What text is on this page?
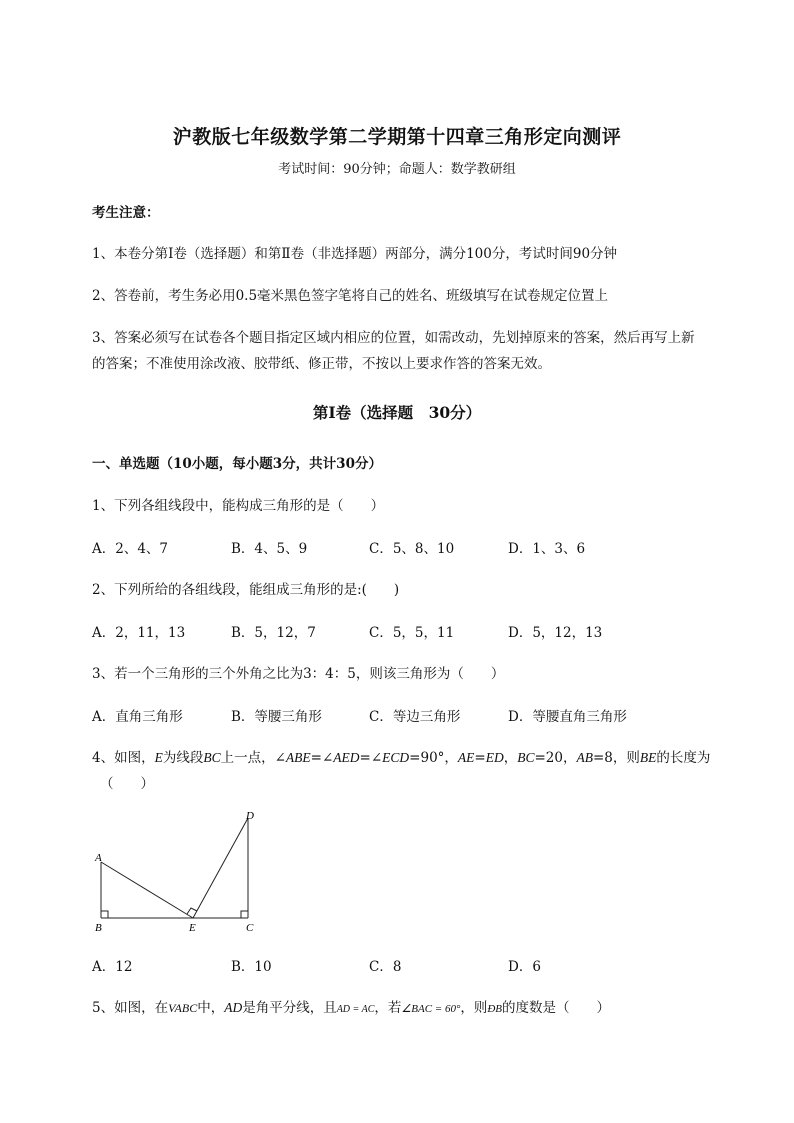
沪教版七年级数学第二学期第十四章三角形定向测评
考试时间：90分钟；命题人：数学教研组
考生注意：
1、本卷分第Ⅰ卷（选择题）和第Ⅱ卷（非选择题）两部分，满分100分，考试时间90分钟
2、答卷前，考生务必用0.5毫米黑色签字笔将自己的姓名、班级填写在试卷规定位置上
3、答案必须写在试卷各个题目指定区域内相应的位置，如需改动，先划掉原来的答案，然后再写上新
的答案；不准使用涂改液、胶带纸、修正带，不按以上要求作答的答案无效。
第Ⅰ卷（选择题　30分）
一、单选题（10小题，每小题3分，共计30分）
1、下列各组线段中，能构成三角形的是（　　）
A．2、4、7	B．4、5、9	C．5、8、10	D．1、3、6
2、下列所给的各组线段，能组成三角形的是:(　　)
A．2，11，13	B．5，12，7	C．5，5，11	D．5，12，13
3、若一个三角形的三个外角之比为3：4：5，则该三角形为（　　）
A．直角三角形	B．等腰三角形	C．等边三角形	D．等腰直角三角形
4、如图，E为线段BC上一点，∠ABE=∠AED=∠ECD=90°，AE=ED，BC=20，AB=8，则BE的长度为
（　　）
A
B	E	C
D
A．12	B．10	C．8	D．6
5、如图，在VABC中，AD是角平分线，且AD = AC，若∠BAC = 60°，则ÐB的度数是（　　）
